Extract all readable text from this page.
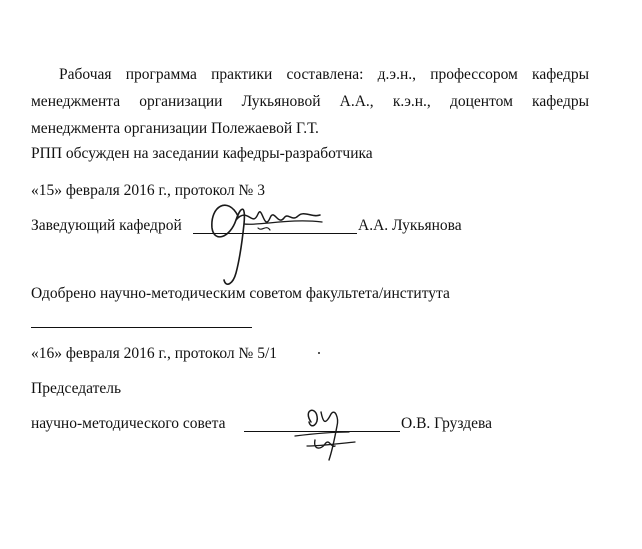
Рабочая программа практики составлена: д.э.н., профессором кафедры менеджмента организации Лукьяновой А.А., к.э.н., доцентом кафедры менеджмента организации Полежаевой Г.Т.

РПП обсужден на заседании кафедры-разработчика
«15» февраля 2016 г., протокол № 3
Заведующий кафедрой	А.А. Лукьянова
Одобрено научно-методическим советом факультета/института
«16» февраля 2016 г., протокол № 5/1
Председатель
научно-методического совета	О.В. Груздева
